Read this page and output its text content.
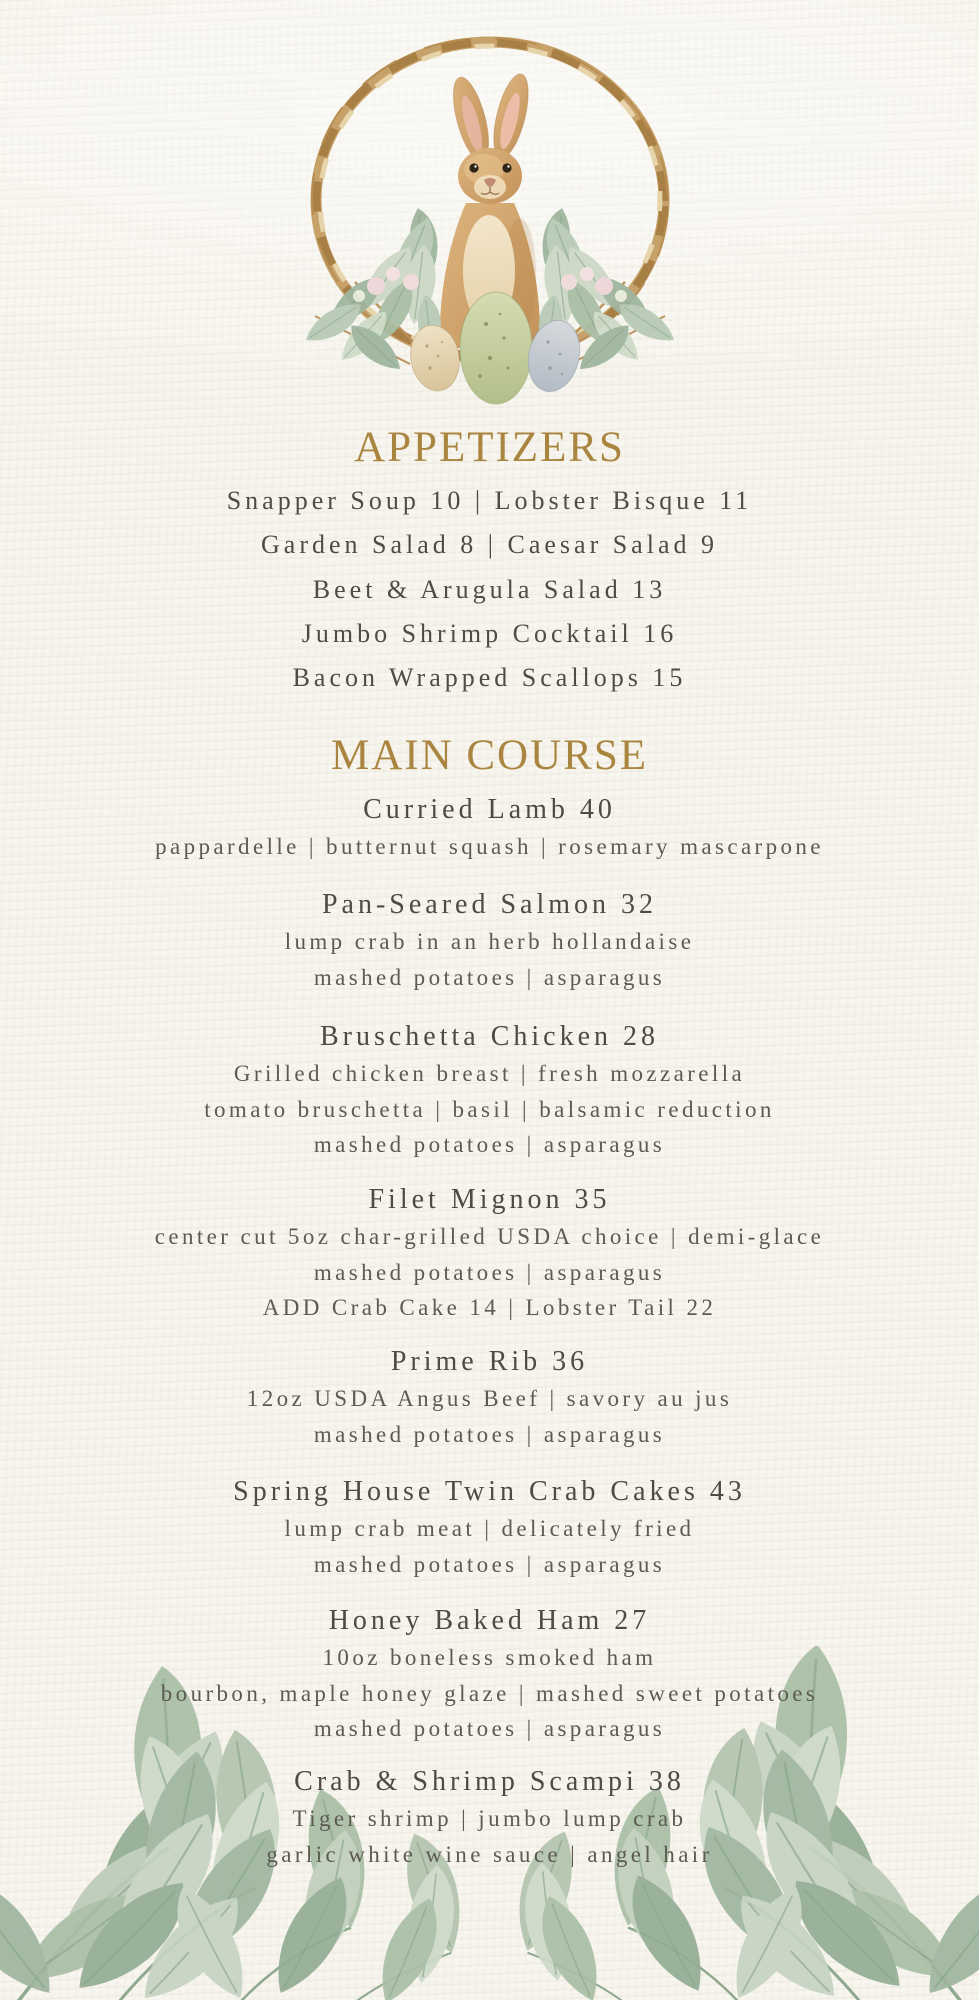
APPETIZERS
Snapper Soup 10 | Lobster Bisque 11
Garden Salad 8 | Caesar Salad 9
Beet & Arugula Salad 13
Jumbo Shrimp Cocktail 16
Bacon Wrapped Scallops 15
MAIN COURSE
Curried Lamb 40
pappardelle | butternut squash | rosemary mascarpone
Pan-Seared Salmon 32
lump crab in an herb hollandaise
mashed potatoes | asparagus
Bruschetta Chicken 28
Grilled chicken breast | fresh mozzarella
tomato bruschetta | basil | balsamic reduction
mashed potatoes | asparagus
Filet Mignon 35
center cut 5oz char-grilled USDA choice | demi-glace
mashed potatoes | asparagus
ADD Crab Cake 14 | Lobster Tail 22
Prime Rib 36
12oz USDA Angus Beef | savory au jus
mashed potatoes | asparagus
Spring House Twin Crab Cakes 43
lump crab meat | delicately fried
mashed potatoes | asparagus
Honey Baked Ham 27
10oz boneless smoked ham
bourbon, maple honey glaze | mashed sweet potatoes
mashed potatoes | asparagus
Crab & Shrimp Scampi 38
Tiger shrimp | jumbo lump crab
garlic white wine sauce | angel hair
